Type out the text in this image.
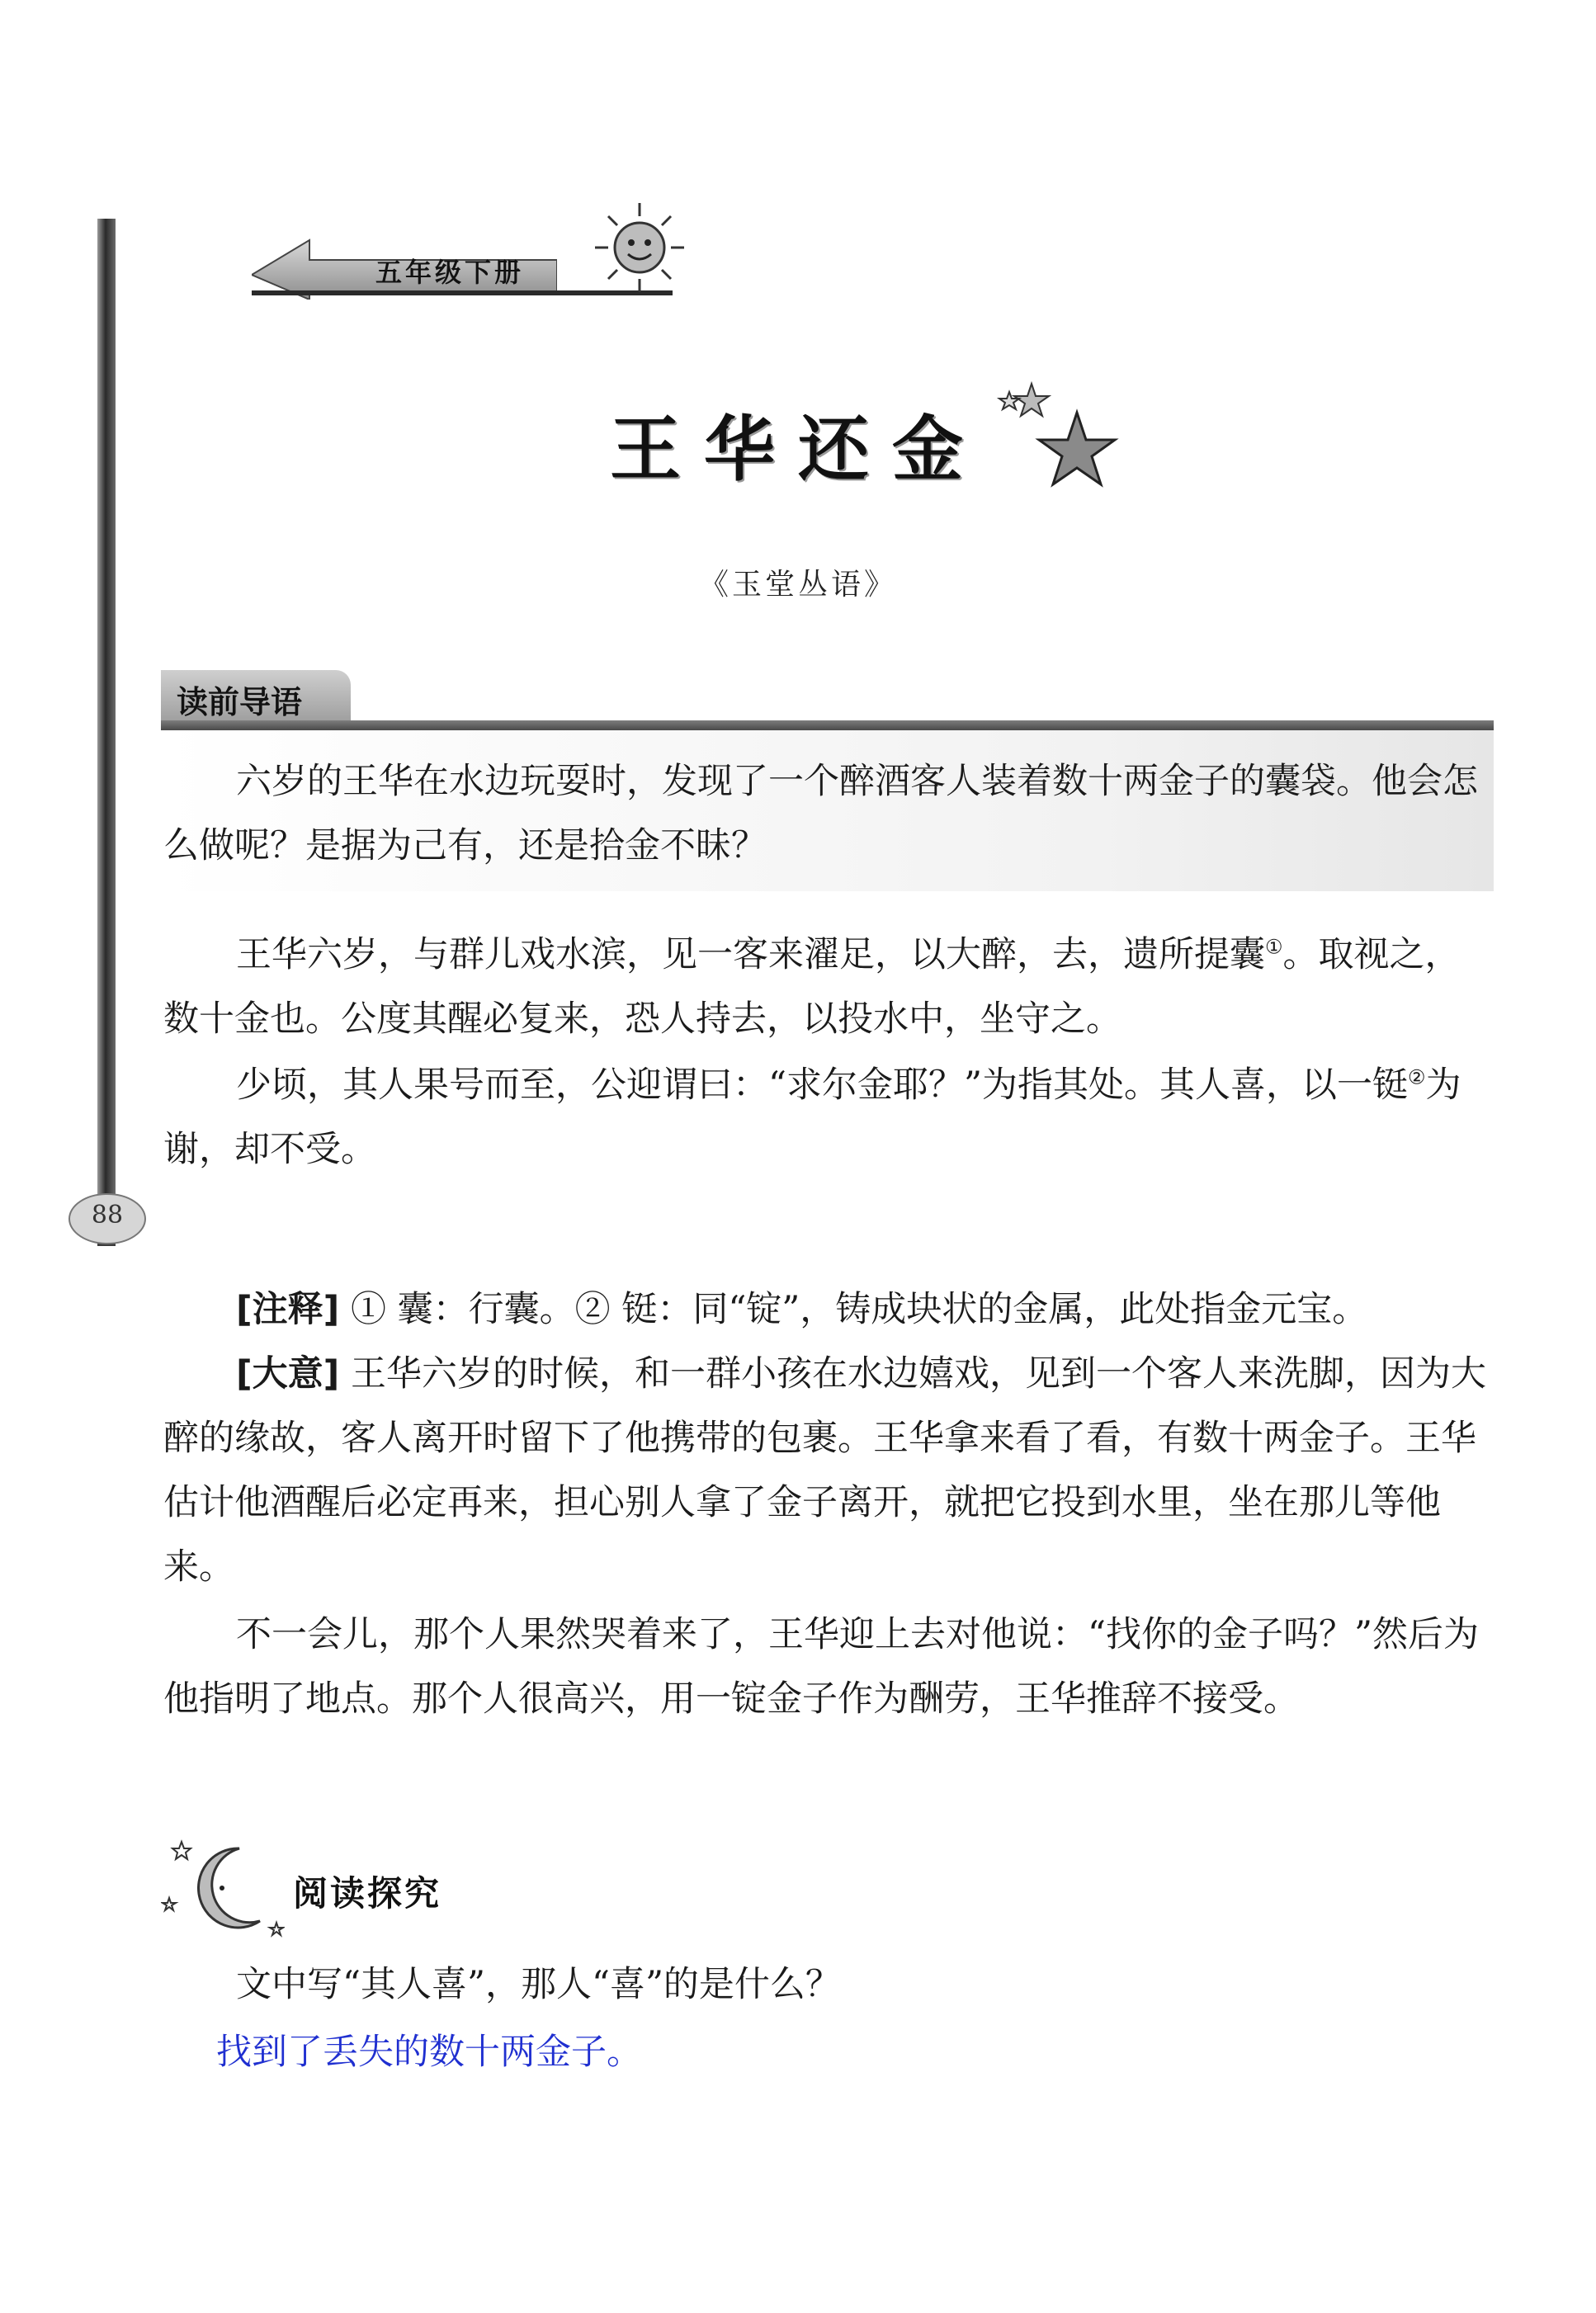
五年级下册
88
王华还金
《玉堂丛语》
读前导语
六岁的王华在水边玩耍时，发现了一个醉酒客人装着数十两金子的囊袋。他会怎么做呢？是据为己有，还是拾金不昧？
王华六岁，与群儿戏水滨，见一客来濯足，以大醉，去，遗所提囊①。取视之，数十金也。公度其醒必复来，恐人持去，以投水中，坐守之。
少顷，其人果号而至，公迎谓曰：“求尔金耶？”为指其处。其人喜，以一铤②为谢，却不受。
[注释] ① 囊：行囊。② 铤：同“锭”，铸成块状的金属，此处指金元宝。
[大意] 王华六岁的时候，和一群小孩在水边嬉戏，见到一个客人来洗脚，因为大醉的缘故，客人离开时留下了他携带的包裹。王华拿来看了看，有数十两金子。王华估计他酒醒后必定再来，担心别人拿了金子离开，就把它投到水里，坐在那儿等他来。
不一会儿，那个人果然哭着来了，王华迎上去对他说：“找你的金子吗？”然后为他指明了地点。那个人很高兴，用一锭金子作为酬劳，王华推辞不接受。
阅读探究
文中写“其人喜”，那人“喜”的是什么？
找到了丢失的数十两金子。
